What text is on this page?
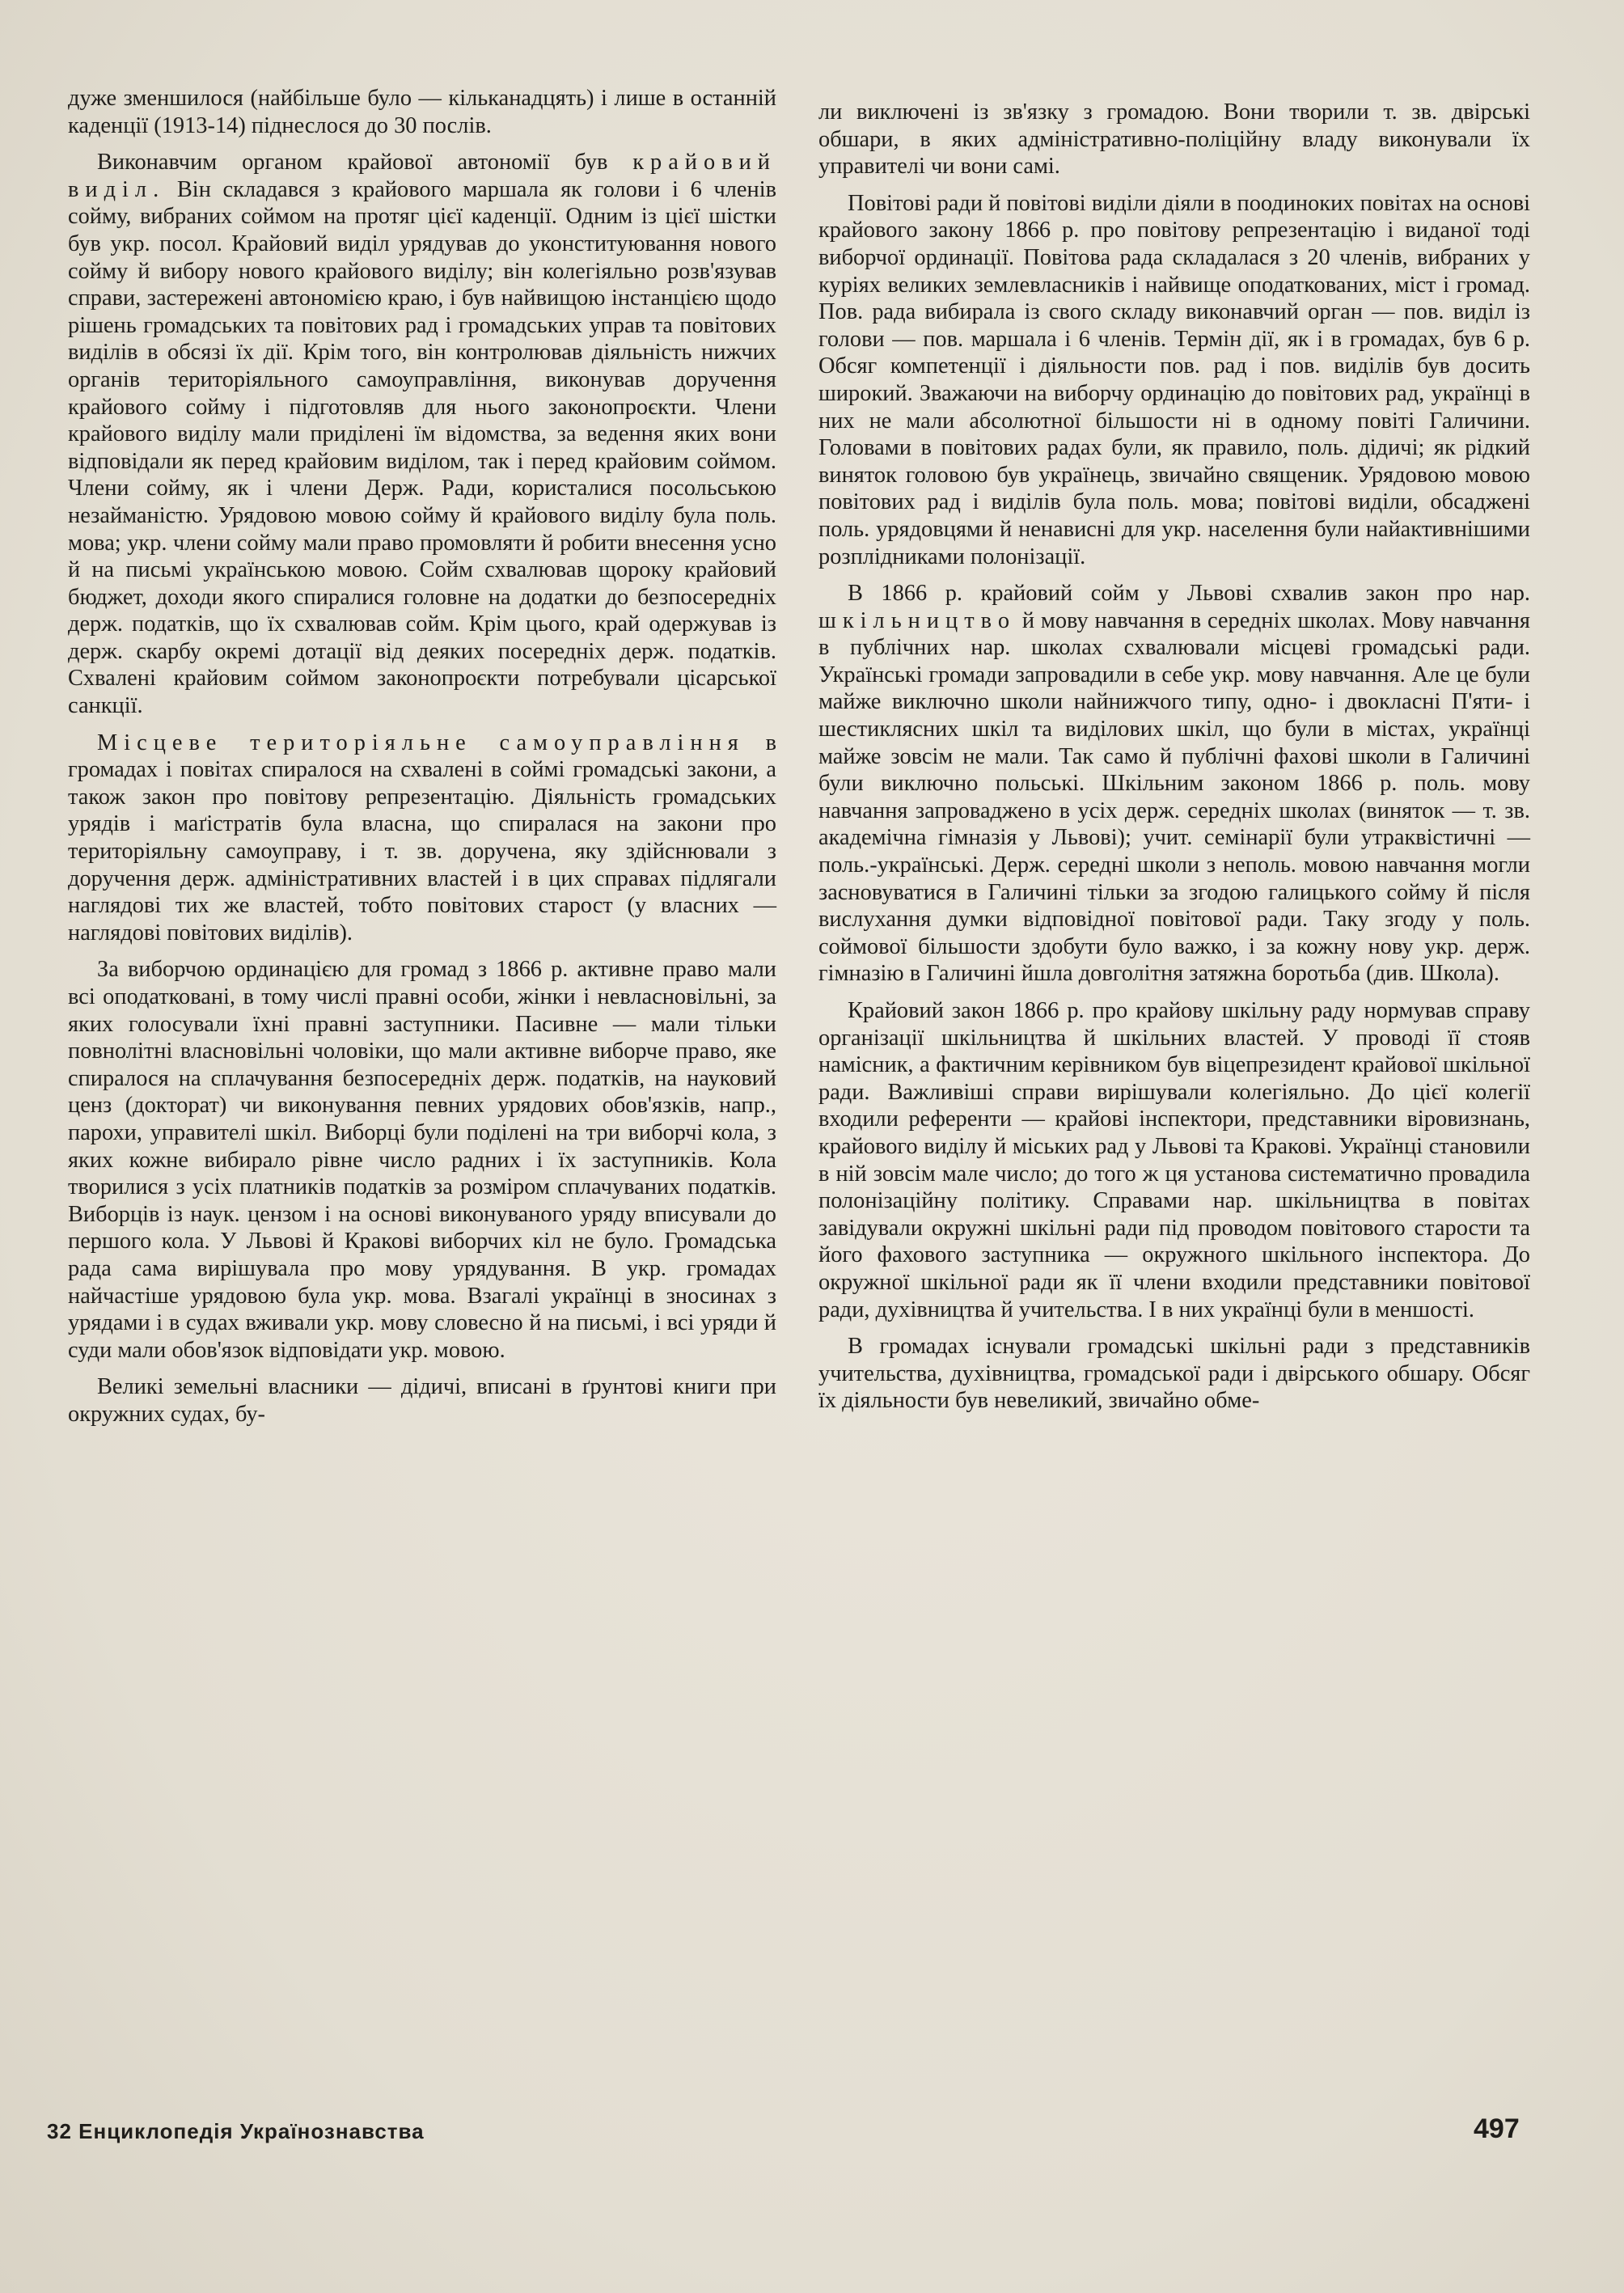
дуже зменшилося (найбільше було — кільканадцять) і лише в останній каденції (1913-14) піднеслося до 30 послів.

Виконавчим органом крайової автономії був крайовий виділ. Він складався з крайового маршала як голови і 6 членів сойму, вибраних соймом на протяг цієї каденції. Одним із цієї шістки був укр. посол. Крайовий виділ урядував до уконституювання нового сойму й вибору нового крайового виділу; він колегіяльно розв'язував справи, застережені автономією краю, і був найвищою інстанцією щодо рішень громадських та повітових рад і громадських управ та повітових виділів в обсязі їх дії. Крім того, він контролював діяльність нижчих органів територіяльного самоуправління, виконував доручення крайового сойму і підготовляв для нього законопроєкти. Члени крайового виділу мали приділені їм відомства, за ведення яких вони відповідали як перед крайовим виділом, так і перед крайовим соймом. Члени сойму, як і члени Держ. Ради, користалися посольською незайманістю. Урядовою мовою сойму й крайового виділу була поль. мова; укр. члени сойму мали право промовляти й робити внесення усно й на письмі українською мовою. Сойм схвалював щороку крайовий бюджет, доходи якого спиралися головне на додатки до безпосередніх держ. податків, що їх схвалював сойм. Крім цього, край одержував із держ. скарбу окремі дотації від деяких посередніх держ. податків. Схвалені крайовим соймом законопроєкти потребували цісарської санкції.

Місцеве територіяльне самоуправління в громадах і повітах спиралося на схвалені в соймі громадські закони, а також закон про повітову репрезентацію. Діяльність громадських урядів і маґістратів була власна, що спиралася на закони про територіяльну самоуправу, і т. зв. доручена, яку здійснювали з доручення держ. адміністративних властей і в цих справах підлягали наглядові тих же властей, тобто повітових старост (у власних — наглядові повітових виділів).

За виборчою ординацією для громад з 1866 р. активне право мали всі оподатковані, в тому числі правні особи, жінки і невласновільні, за яких голосували їхні правні заступники. Пасивне — мали тільки повнолітні власновільні чоловіки, що мали активне виборче право, яке спиралося на сплачування безпосередніх держ. податків, на науковий ценз (докторат) чи виконування певних урядових обов'язків, напр., парохи, управителі шкіл. Виборці були поділені на три виборчі кола, з яких кожне вибирало рівне число радних і їх заступників. Кола творилися з усіх платників податків за розміром сплачуваних податків. Виборців із наук. цензом і на основі виконуваного уряду вписували до першого кола. У Львові й Кракові виборчих кіл не було. Громадська рада сама вирішувала про мову урядування. В укр. громадах найчастіше урядовою була укр. мова. Взагалі українці в зносинах з урядами і в судах вживали укр. мову словесно й на письмі, і всі уряди й суди мали обов'язок відповідати укр. мовою.

Великі земельні власники — дідичі, вписані в ґрунтові книги при окружних судах, бу-

ли виключені із зв'язку з громадою. Вони творили т. зв. двірські обшари, в яких адміністративно-поліційну владу виконували їх управителі чи вони самі.

Повітові ради й повітові виділи діяли в поодиноких повітах на основі крайового закону 1866 р. про повітову репрезентацію і виданої тоді виборчої ординації. Повітова рада складалася з 20 членів, вибраних у куріях великих землевласників і найвище оподаткованих, міст і громад. Пов. рада вибирала із свого складу виконавчий орган — пов. виділ із голови — пов. маршала і 6 членів. Термін дії, як і в громадах, був 6 р. Обсяг компетенції і діяльности пов. рад і пов. виділів був досить широкий. Зважаючи на виборчу ординацію до повітових рад, українці в них не мали абсолютної більшости ні в одному повіті Галичини. Головами в повітових радах були, як правило, поль. дідичі; як рідкий виняток головою був українець, звичайно священик. Урядовою мовою повітових рад і виділів була поль. мова; повітові виділи, обсаджені поль. урядовцями й ненависні для укр. населення були найактивнішими розплідниками полонізації.

В 1866 р. крайовий сойм у Львові схвалив закон про нар. шкільництво й мову навчання в середніх школах. Мову навчання в публічних нар. школах схвалювали місцеві громадські ради. Українські громади запровадили в себе укр. мову навчання. Але це були майже виключно школи найнижчого типу, одно- і двокласні П'яти- і шестиклясних шкіл та виділових шкіл, що були в містах, українці майже зовсім не мали. Так само й публічні фахові школи в Галичині були виключно польські. Шкільним законом 1866 р. поль. мову навчання запроваджено в усіх держ. середніх школах (виняток — т. зв. академічна гімназія у Львові); учит. семінарії були утраквістичні — поль.-українські. Держ. середні школи з неполь. мовою навчання могли засновуватися в Галичині тільки за згодою галицького сойму й після вислухання думки відповідної повітової ради. Таку згоду у поль. соймової більшости здобути було важко, і за кожну нову укр. держ. гімназію в Галичині йшла довголітня затяжна боротьба (див. Школа).

Крайовий закон 1866 р. про крайову шкільну раду нормував справу організації шкільництва й шкільних властей. У проводі її стояв намісник, а фактичним керівником був віцепрезидент крайової шкільної ради. Важливіші справи вирішували колегіяльно. До цієї колегії входили референти — крайові інспектори, представники віровизнань, крайового виділу й міських рад у Львові та Кракові. Українці становили в ній зовсім мале число; до того ж ця установа систематично провадила полонізаційну політику. Справами нар. шкільництва в повітах завідували окружні шкільні ради під проводом повітового старости та його фахового заступника — окружного шкільного інспектора. До окружної шкільної ради як її члени входили представники повітової ради, духівництва й учительства. І в них українці були в меншості.

В громадах існували громадські шкільні ради з представників учительства, духівництва, громадської ради і двірського обшару. Обсяг їх діяльности був невеликий, звичайно обме-

32 Енциклопедія Українознавства	497
